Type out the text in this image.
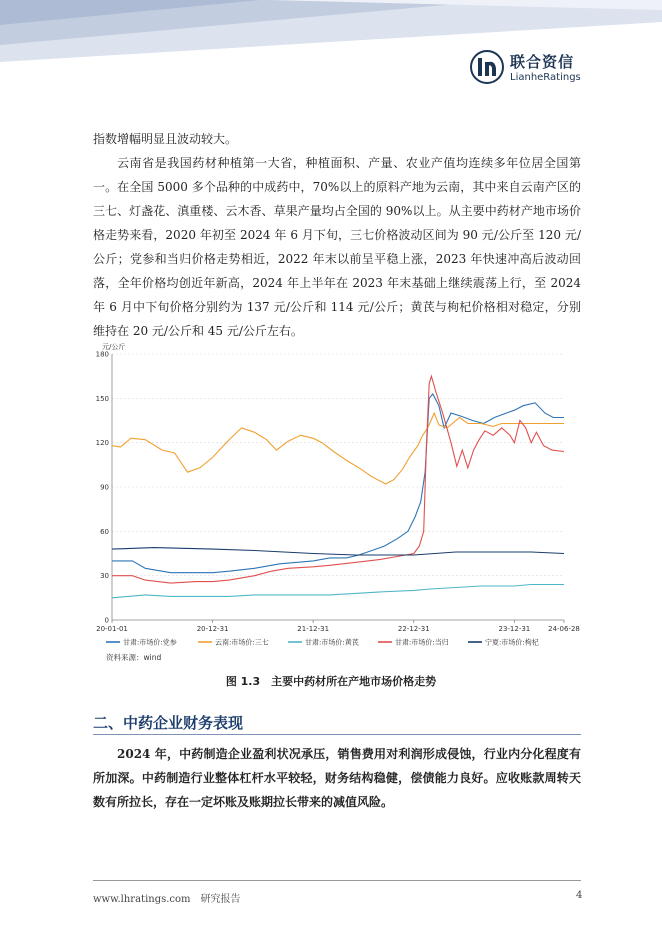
联合资信
LianheRatings
指数增幅明显且波动较大。
云南省是我国药材种植第一大省，种植面积、产量、农业产值均连续多年位居全国第一。在全国 5000 多个品种的中成药中，70%以上的原料产地为云南，其中来自云南产区的三七、灯盏花、滇重楼、云木香、草果产量均占全国的 90%以上。从主要中药材产地市场价格走势来看，2020 年初至 2024 年 6 月下旬，三七价格波动区间为 90 元/公斤至 120 元/公斤；党参和当归价格走势相近，2022 年末以前呈平稳上涨，2023 年快速冲高后波动回落，全年价格均创近年新高，2024 年上半年在 2023 年末基础上继续震荡上行，至 2024 年 6 月中下旬价格分别约为 137 元/公斤和 114 元/公斤；黄芪与枸杞价格相对稳定，分别维持在 20 元/公斤和 45 元/公斤左右。
元/公斤
0
30
60
90
120
150
180
20-01-01	20-12-31	21-12-31	22-12-31	23-12-31	24-06-28
甘肃:市场价:党参	云南:市场价:三七	甘肃:市场价:黄芪	甘肃:市场价:当归	宁夏:市场价:枸杞
资料来源：wind
图 1.3　主要中药材所在产地市场价格走势
二、中药企业财务表现
2024 年，中药制造企业盈利状况承压，销售费用对利润形成侵蚀，行业内分化程度有所加深。中药制造行业整体杠杆水平较轻，财务结构稳健，偿债能力良好。应收账款周转天数有所拉长，存在一定坏账及账期拉长带来的减值风险。
www.lhratings.com　研究报告	4
